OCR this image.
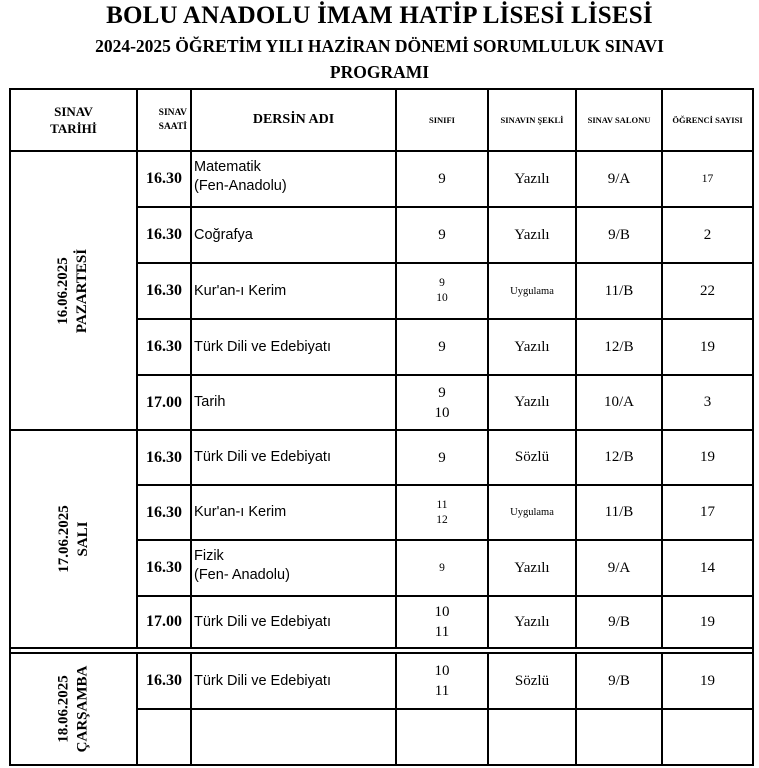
BOLU ANADOLU İMAM HATİP LİSESİ LİSESİ
2024-2025 ÖĞRETİM YILI HAZİRAN DÖNEMİ SORUMLULUK SINAVI
PROGRAMI
SINAV TARİHİ	SINAV SAATİ	DERSİN ADI	SINIFI	SINAVIN ŞEKLİ	SINAV SALONU	ÖĞRENCİ SAYISI
16.06.2025 PAZARTESİ	16.30	Matematik
(Fen-Anadolu)	9	Yazılı	9/A	17
	16.30	Coğrafya	9	Yazılı	9/B	2
	16.30	Kur'an-ı Kerim	9
10	Uygulama	11/B	22
	16.30	Türk Dili ve Edebiyatı	9	Yazılı	12/B	19
	17.00	Tarih	9
10	Yazılı	10/A	3
17.06.2025 SALI	16.30	Türk Dili ve Edebiyatı	9	Sözlü	12/B	19
	16.30	Kur'an-ı Kerim	11
12	Uygulama	11/B	17
	16.30	Fizik
(Fen- Anadolu)	9	Yazılı	9/A	14
	17.00	Türk Dili ve Edebiyatı	10
11	Yazılı	9/B	19

18.06.2025 ÇARŞAMBA	16.30	Türk Dili ve Edebiyatı	10
11	Sözlü	9/B	19
